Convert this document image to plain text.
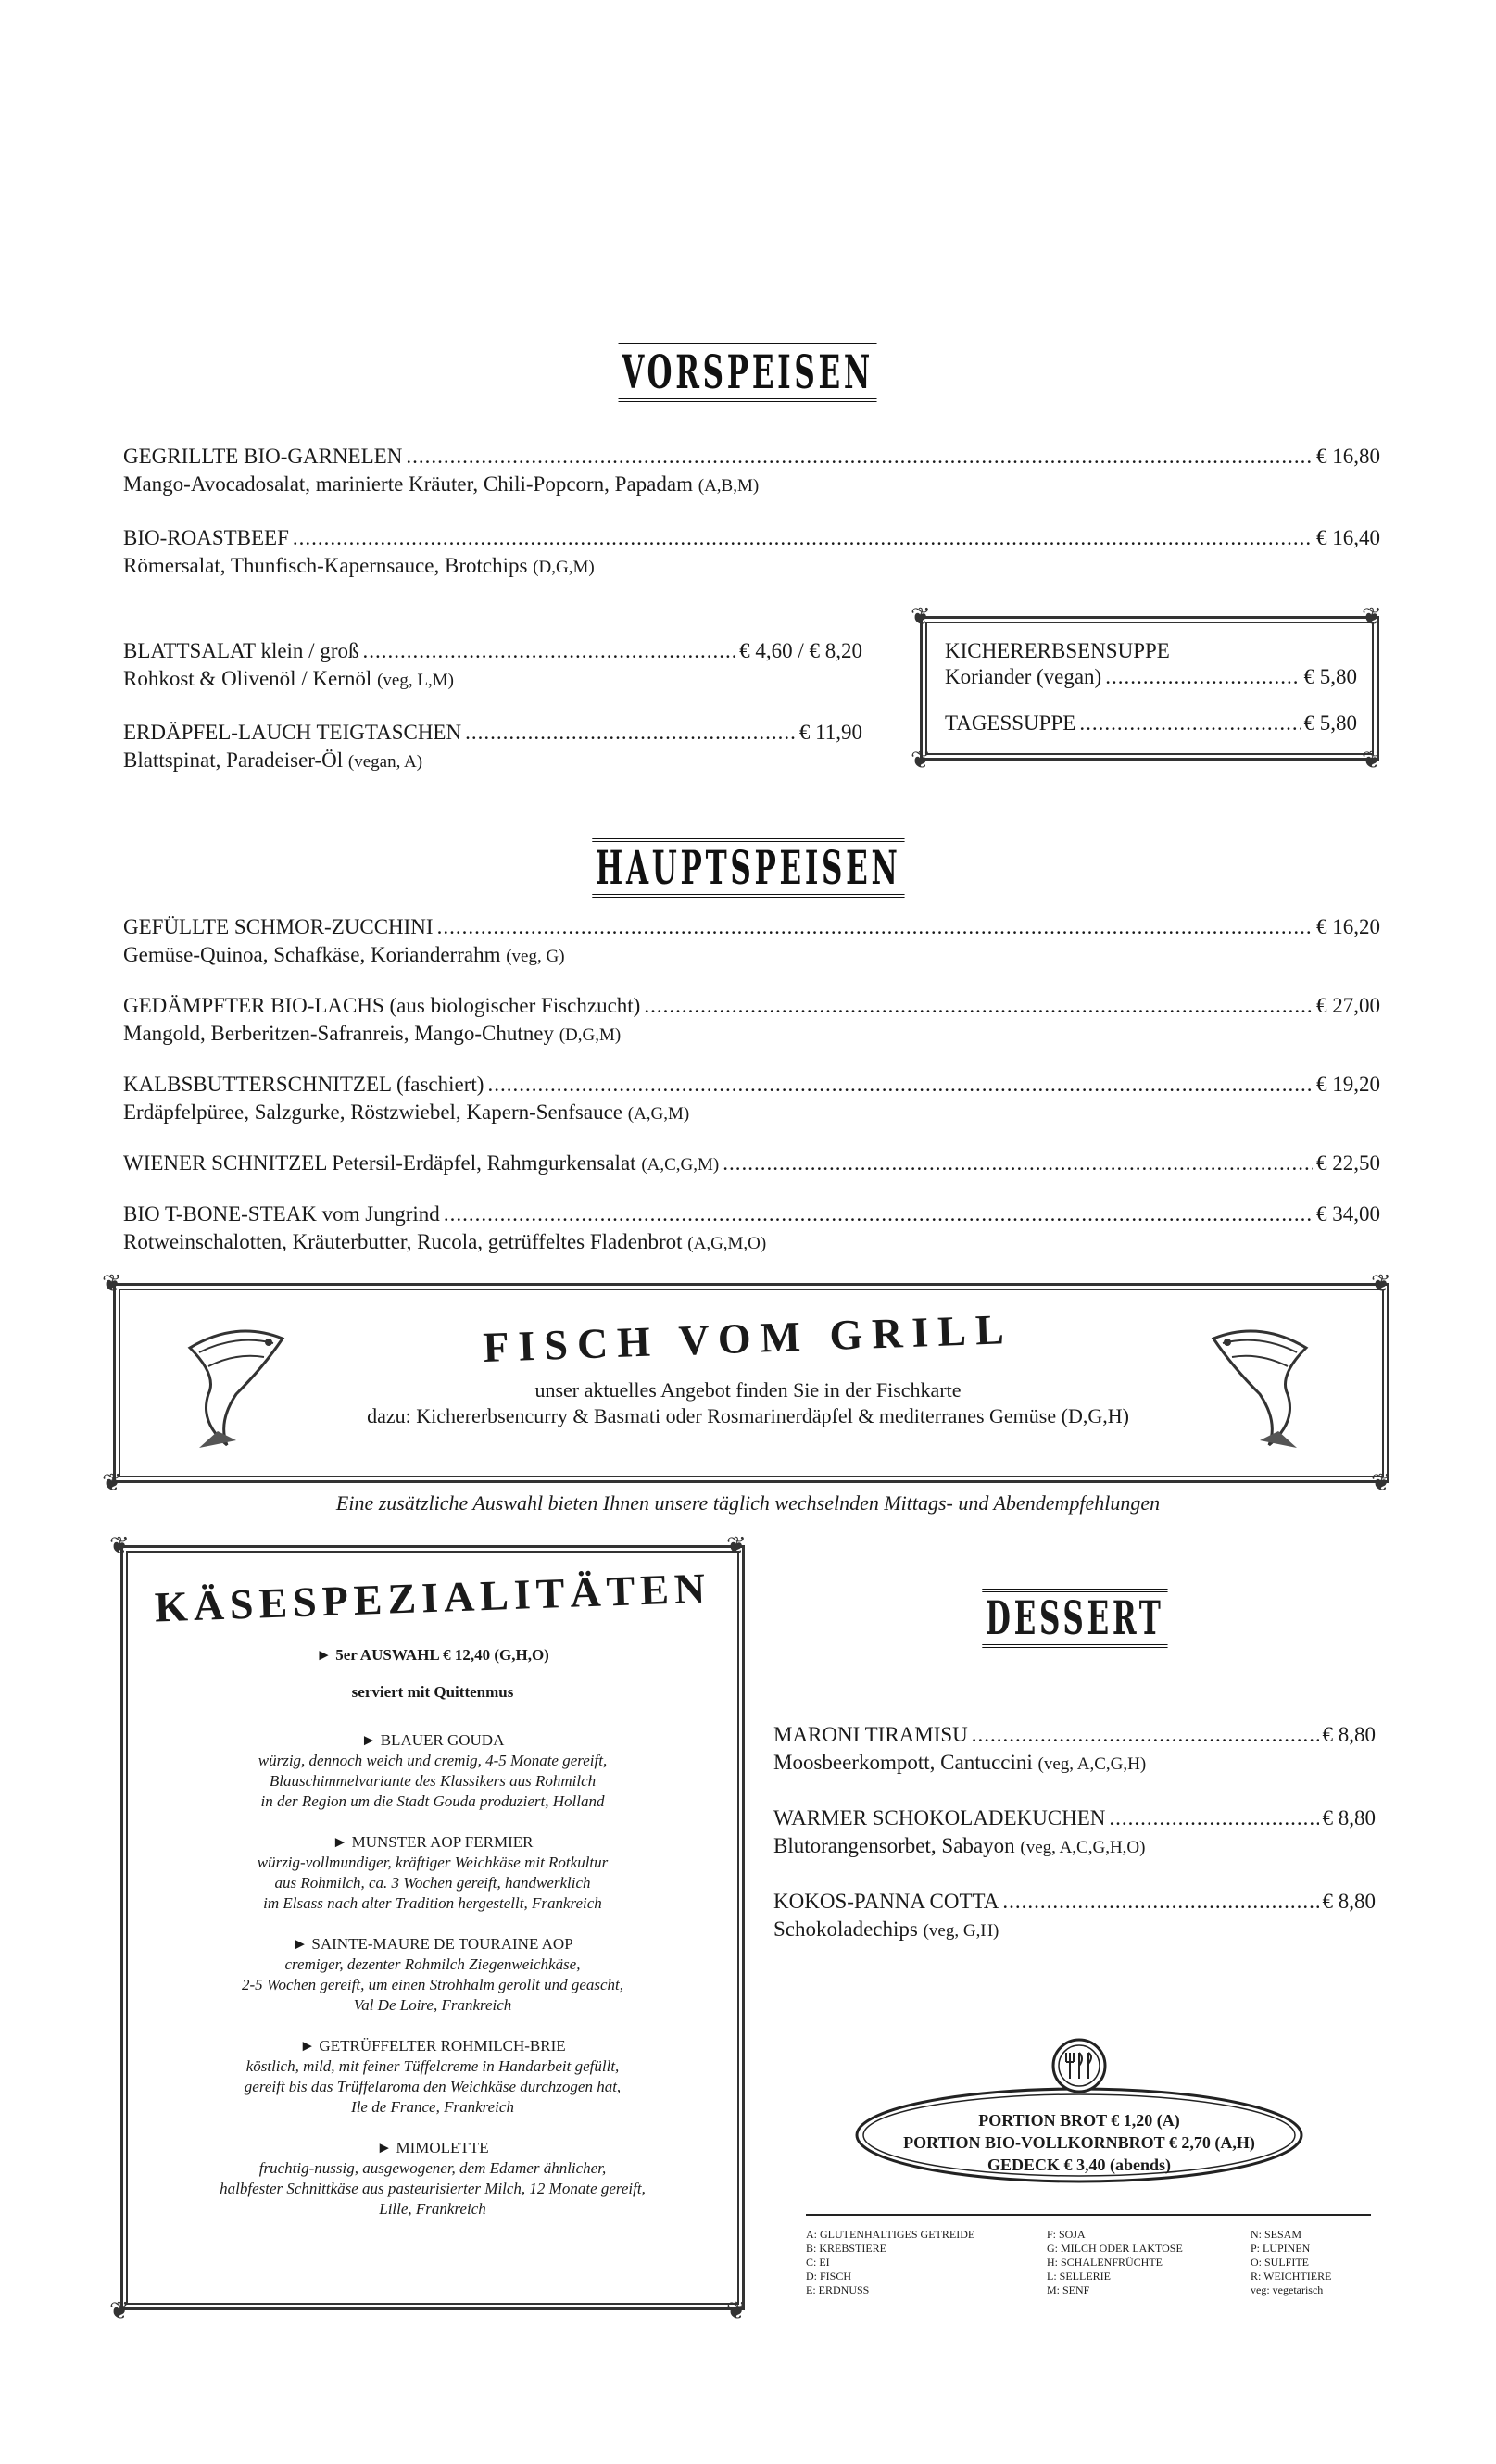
VORSPEISEN
GEGRILLTE BIO-GARNELEN .....	€ 16,80
Mango-Avocadosalat, marinierte Kräuter, Chili-Popcorn, Papadam (A,B,M)
BIO-ROASTBEEF .....	€ 16,40
Römersalat, Thunfisch-Kapernsauce, Brotchips (D,G,M)
BLATTSALAT klein / groß .....	€ 4,60 / € 8,20
Rohkost & Olivenöl / Kernöl (veg, L,M)
ERDÄPFEL-LAUCH TEIGTASCHEN .....	€ 11,90
Blattspinat, Paradeiser-Öl (vegan, A)
❦	❦
❦	❦
KICHERERBSENSUPPE
Koriander (vegan) .....	€ 5,80
TAGESSUPPE .....	€ 5,80
HAUPTSPEISEN
GEFÜLLTE SCHMOR-ZUCCHINI .....	€ 16,20
Gemüse-Quinoa, Schafkäse, Korianderrahm (veg, G)
GEDÄMPFTER BIO-LACHS (aus biologischer Fischzucht) .....	€ 27,00
Mangold, Berberitzen-Safranreis, Mango-Chutney (D,G,M)
KALBSBUTTERSCHNITZEL (faschiert) .....	€ 19,20
Erdäpfelpüree, Salzgurke, Röstzwiebel, Kapern-Senfsauce (A,G,M)
WIENER SCHNITZEL Petersil-Erdäpfel, Rahmgurkensalat (A,C,G,M) .....	€ 22,50
BIO T-BONE-STEAK vom Jungrind .....	€ 34,00
Rotweinschalotten, Kräuterbutter, Rucola, getrüffeltes Fladenbrot (A,G,M,O)
❦	❦
❦	❦
FISCH VOM GRILL
unser aktuelles Angebot finden Sie in der Fischkarte
dazu: Kichererbsencurry & Basmati oder Rosmarinerdäpfel & mediterranes Gemüse (D,G,H)
Eine zusätzliche Auswahl bieten Ihnen unsere täglich wechselnden Mittags- und Abendempfehlungen
❦	❦
❦	❦
KÄSESPEZIALITÄTEN
► 5er AUSWAHL € 12,40 (G,H,O)
serviert mit Quittenmus
► BLAUER GOUDA
würzig, dennoch weich und cremig, 4-5 Monate gereift,
Blauschimmelvariante des Klassikers aus Rohmilch
in der Region um die Stadt Gouda produziert, Holland
► MUNSTER AOP FERMIER
würzig-vollmundiger, kräftiger Weichkäse mit Rotkultur
aus Rohmilch, ca. 3 Wochen gereift, handwerklich
im Elsass nach alter Tradition hergestellt, Frankreich
► SAINTE-MAURE DE TOURAINE AOP
cremiger, dezenter Rohmilch Ziegenweichkäse,
2-5 Wochen gereift, um einen Strohhalm gerollt und geascht,
Val De Loire, Frankreich
► GETRÜFFELTER ROHMILCH-BRIE
köstlich, mild, mit feiner Tüffelcreme in Handarbeit gefüllt,
gereift bis das Trüffelaroma den Weichkäse durchzogen hat,
Ile de France, Frankreich
► MIMOLETTE
fruchtig-nussig, ausgewogener, dem Edamer ähnlicher,
halbfester Schnittkäse aus pasteurisierter Milch, 12 Monate gereift,
Lille, Frankreich
DESSERT
MARONI TIRAMISU .....	€ 8,80
Moosbeerkompott, Cantuccini (veg, A,C,G,H)
WARMER SCHOKOLADEKUCHEN .....	€ 8,80
Blutorangensorbet, Sabayon (veg, A,C,G,H,O)
KOKOS-PANNA COTTA .....	€ 8,80
Schokoladechips (veg, G,H)
PORTION BROT € 1,20 (A)
PORTION BIO-VOLLKORNBROT € 2,70 (A,H)
GEDECK € 3,40 (abends)
A: GLUTENHALTIGES GETREIDE
B: KREBSTIERE
C: EI
D: FISCH
E: ERDNUSS
F: SOJA
G: MILCH ODER LAKTOSE
H: SCHALENFRÜCHTE
L: SELLERIE
M: SENF
N: SESAM
P: LUPINEN
O: SULFITE
R: WEICHTIERE
veg: vegetarisch
